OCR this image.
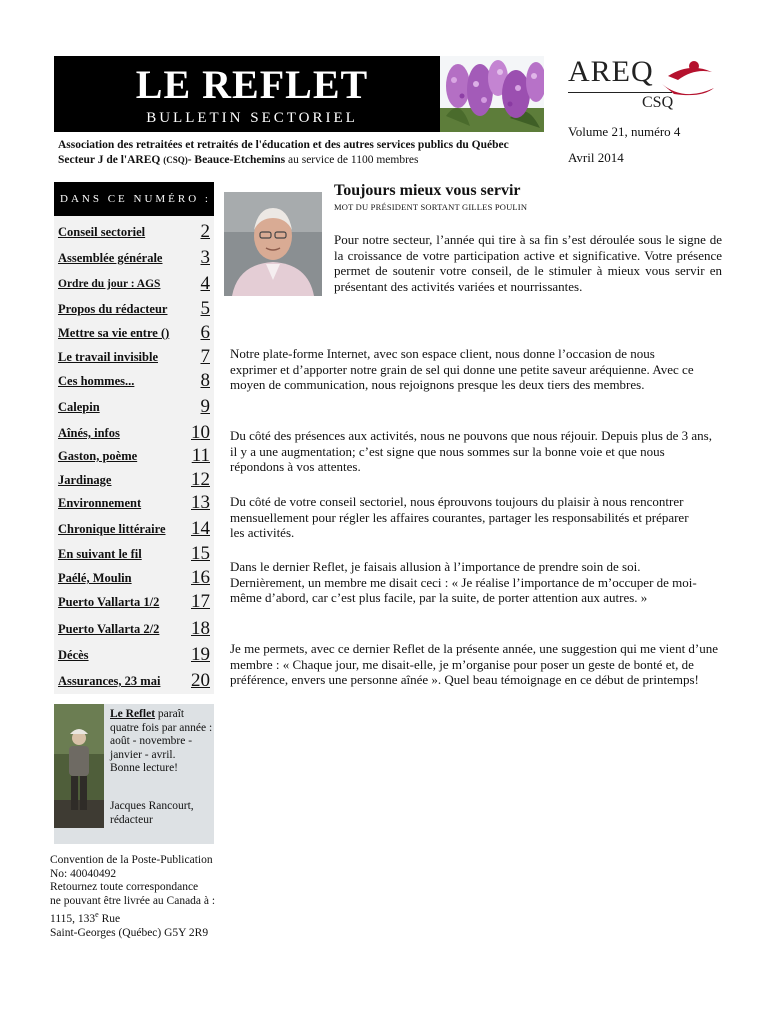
LE REFLET
BULLETIN SECTORIEL
AREQ
CSQ
Volume 21, numéro 4
Avril 2014
Association des retraitées et retraités de l'éducation et des autres services publics du Québec
Secteur J de l'AREQ (CSQ)- Beauce-Etchemins au service de 1100 membres
DANS CE NUMÉRO :
Conseil sectoriel	2
Assemblée générale 3
Ordre du jour : AGS 4
Propos du rédacteur 5
Mettre sa vie entre () 6
Le travail invisible 7
Ces hommes...	8
Calepin	9
Aînés, infos	10
Gaston, poème	11
Jardinage	12
Environnement	13
Chronique littéraire 14
En suivant le fil	15
Paélé, Moulin	16
Puerto Vallarta 1/2 17
Puerto Vallarta 2/2 18
Décès	19
Assurances, 23 mai 20
Le Reflet paraît quatre fois par année : août - novembre - janvier - avril.
Bonne lecture!
Jacques Rancourt, rédacteur
Convention de la Poste-Publication
No: 40040492
Retournez toute correspondance
ne pouvant être livrée au Canada à :
1115, 133e Rue
Saint-Georges (Québec) G5Y 2R9
Toujours mieux vous servir
MOT DU PRÉSIDENT SORTANT GILLES POULIN
Pour notre secteur, l’année qui tire à sa fin s’est déroulée sous le signe de la croissance de votre participation active et significative. Votre présence permet de soutenir votre conseil, de le stimuler à mieux vous servir en présentant des activités variées et nourrissantes.
Notre plate-forme Internet, avec son espace client, nous donne l’occasion de nous exprimer et d’apporter notre grain de sel qui donne une petite saveur aréquienne. Avec ce moyen de communication, nous rejoignons presque les deux tiers des membres.
Du côté des présences aux activités, nous ne pouvons que nous réjouir. Depuis plus de 3 ans, il y a une augmentation; c’est signe que nous sommes sur la bonne voie et que nous répondons à vos attentes.
Du côté de votre conseil sectoriel, nous éprouvons toujours du plaisir à nous rencontrer mensuellement pour régler les affaires courantes, partager les responsabilités et préparer les activités.
Dans le dernier Reflet, je faisais allusion à l’importance de prendre soin de soi. Dernièrement, un membre me disait ceci : « Je réalise l’importance de m’occuper de moi-même d’abord, car c’est plus facile, par la suite, de porter attention aux autres. »
Je me permets, avec ce dernier Reflet de la présente année, une suggestion qui me vient d’une membre : « Chaque jour, me disait-elle, je m’organise pour poser un geste de bonté et, de préférence, envers une personne aînée ». Quel beau témoignage en ce début de printemps!
